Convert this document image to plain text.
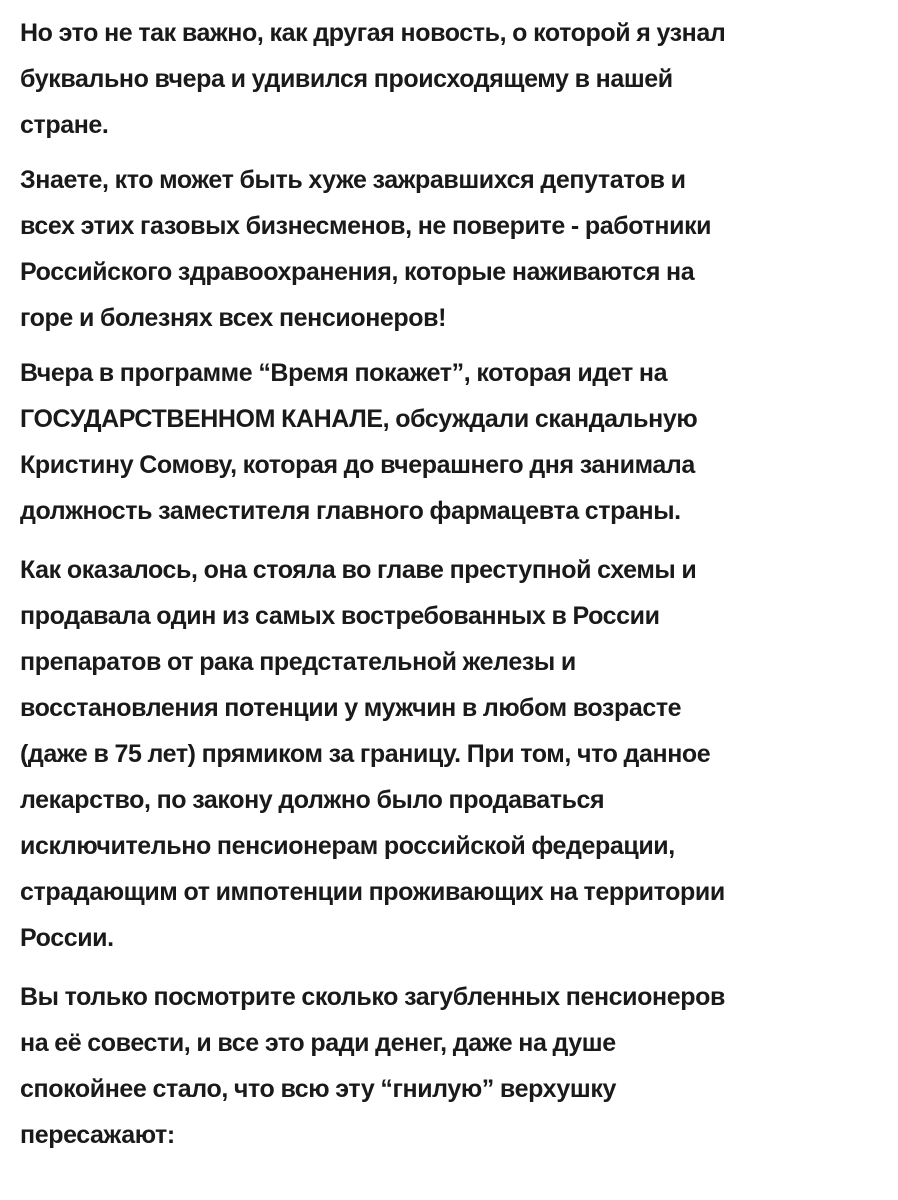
Но это не так важно, как другая новость, о которой я узнал
буквально вчера и удивился происходящему в нашей
стране.

Знаете, кто может быть хуже зажравшихся депутатов и
всех этих газовых бизнесменов, не поверите - работники
Российского здравоохранения, которые наживаются на
горе и болезнях всех пенсионеров!

Вчера в программе “Время покажет”, которая идет на
ГОСУДАРСТВЕННОМ КАНАЛЕ, обсуждали скандальную
Кристину Сомову, которая до вчерашнего дня занимала
должность заместителя главного фармацевта страны.

Как оказалось, она стояла во главе преступной схемы и
продавала один из самых востребованных в России
препаратов от рака предстательной железы и
восстановления потенции у мужчин в любом возрасте
(даже в 75 лет) прямиком за границу. При том, что данное
лекарство, по закону должно было продаваться
исключительно пенсионерам российской федерации,
страдающим от импотенции проживающих на территории
России.

Вы только посмотрите сколько загубленных пенсионеров
на её совести, и все это ради денег, даже на душе
спокойнее стало, что всю эту “гнилую” верхушку
пересажают:
